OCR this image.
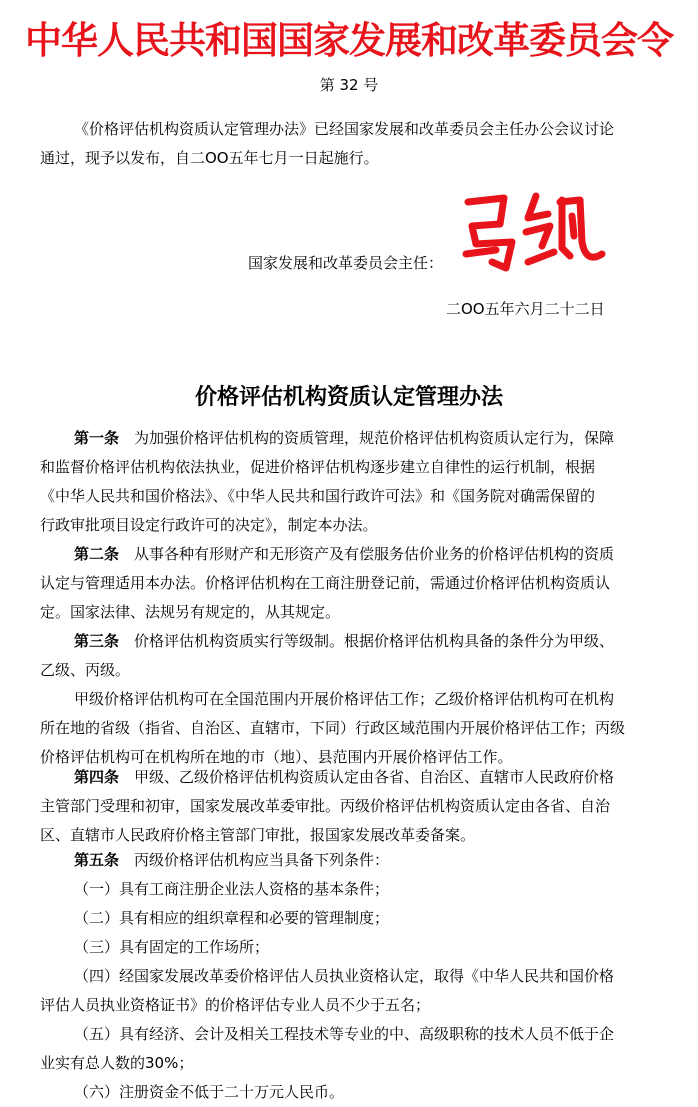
中华人民共和国国家发展和改革委员会令
第 32 号

《价格评估机构资质认定管理办法》已经国家发展和改革委员会主任办公会议讨论
通过，现予以发布，自二OO五年七月一日起施行。

国家发展和改革委员会主任：
二OO五年六月二十二日
价格评估机构资质认定管理办法

第一条　 为加强价格评估机构的资质管理，规范价格评估机构资质认定行为，保障
和监督价格评估机构依法执业，促进价格评估机构逐步建立自律性的运行机制，根据
《中华人民共和国价格法》、《中华人民共和国行政许可法》和《国务院对确需保留的
行政审批项目设定行政许可的决定》，制定本办法。

第二条　 从事各种有形财产和无形资产及有偿服务估价业务的价格评估机构的资质
认定与管理适用本办法。价格评估机构在工商注册登记前，需通过价格评估机构资质认
定。国家法律、法规另有规定的，从其规定。

第三条　 价格评估机构资质实行等级制。根据价格评估机构具备的条件分为甲级、
乙级、丙级。
甲级价格评估机构可在全国范围内开展价格评估工作；乙级价格评估机构可在机构
所在地的省级（指省、自治区、直辖市，下同）行政区域范围内开展价格评估工作；丙级
价格评估机构可在机构所在地的市（地）、县范围内开展价格评估工作。

第四条　 甲级、乙级价格评估机构资质认定由各省、自治区、直辖市人民政府价格
主管部门受理和初审，国家发展改革委审批。丙级价格评估机构资质认定由各省、自治
区、直辖市人民政府价格主管部门审批，报国家发展改革委备案。

第五条　 丙级价格评估机构应当具备下列条件：
（一）具有工商注册企业法人资格的基本条件；
（二）具有相应的组织章程和必要的管理制度；
（三）具有固定的工作场所；
（四）经国家发展改革委价格评估人员执业资格认定，取得《中华人民共和国价格
评估人员执业资格证书》的价格评估专业人员不少于五名；
（五）具有经济、会计及相关工程技术等专业的中、高级职称的技术人员不低于企
业实有总人数的30%；
（六）注册资金不低于二十万元人民币。
